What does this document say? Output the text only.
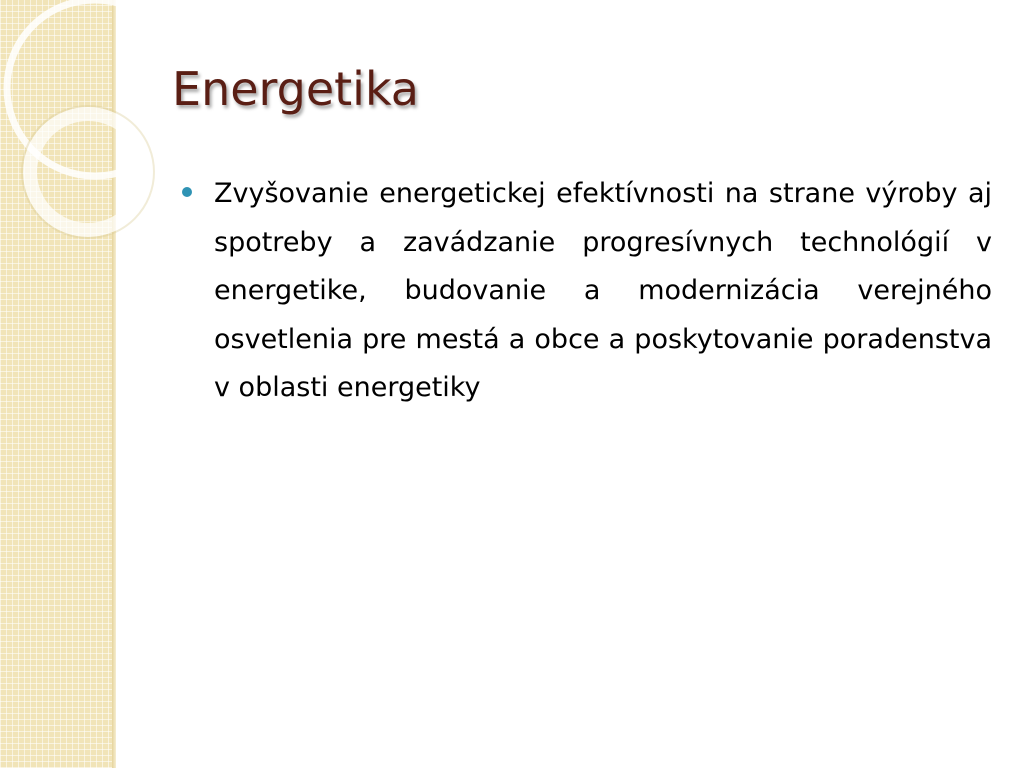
Energetika
Zvyšovanie energetickej efektívnosti na strane výroby aj spotreby a zavádzanie progresívnych technológií v energetike, budovanie a modernizácia verejného osvetlenia pre mestá a obce a poskytovanie poradenstva v oblasti energetiky
